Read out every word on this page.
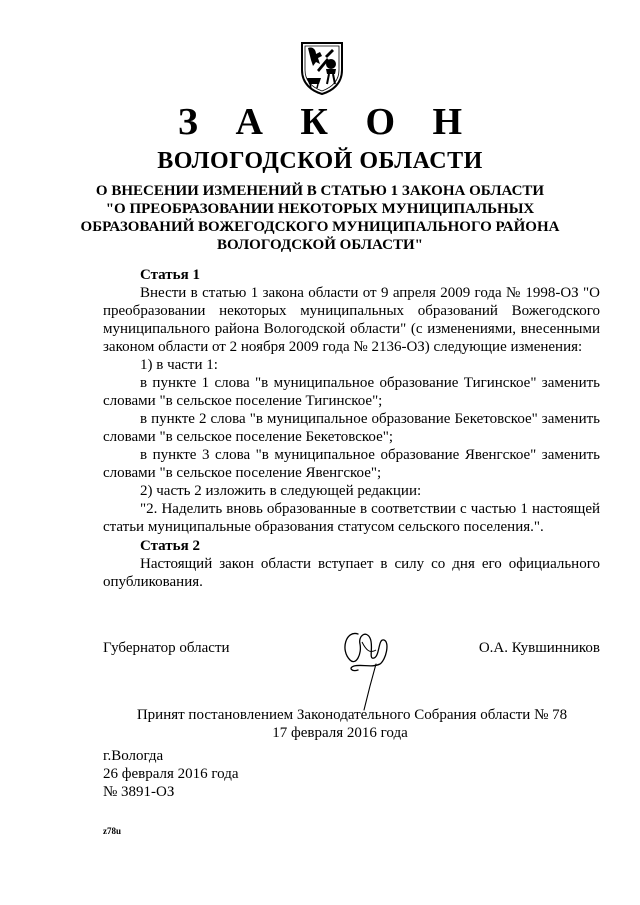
З А К О Н
ВОЛОГОДСКОЙ ОБЛАСТИ
О ВНЕСЕНИИ ИЗМЕНЕНИЙ В СТАТЬЮ 1 ЗАКОНА ОБЛАСТИ
"О ПРЕОБРАЗОВАНИИ НЕКОТОРЫХ МУНИЦИПАЛЬНЫХ
ОБРАЗОВАНИЙ ВОЖЕГОДСКОГО МУНИЦИПАЛЬНОГО РАЙОНА
ВОЛОГОДСКОЙ ОБЛАСТИ"
Статья 1

Внести в статью 1 закона области от 9 апреля 2009 года № 1998-ОЗ "О преобразовании некоторых муниципальных образований Вожегодского муниципального района Вологодской области" (с изменениями, внесенными законом области от 2 ноября 2009 года № 2136-ОЗ) следующие изменения:

1) в части 1:

в пункте 1 слова "в муниципальное образование Тигинское" заменить словами "в сельское поселение Тигинское";

в пункте 2 слова "в муниципальное образование Бекетовское" заменить словами "в сельское поселение Бекетовское";

в пункте 3 слова "в муниципальное образование Явенгское" заменить словами "в сельское поселение Явенгское";

2) часть 2 изложить в следующей редакции:

"2. Наделить вновь образованные в соответствии с частью 1 настоящей статьи муниципальные образования статусом сельского поселения.".

Статья 2

Настоящий закон области вступает в силу со дня его официального опубликования.

Губернатор области	О.А. Кувшинников
Принят постановлением Законодательного Собрания области № 78
17 февраля 2016 года
г.Вологда
26 февраля 2016 года
№ 3891-ОЗ
z78u
